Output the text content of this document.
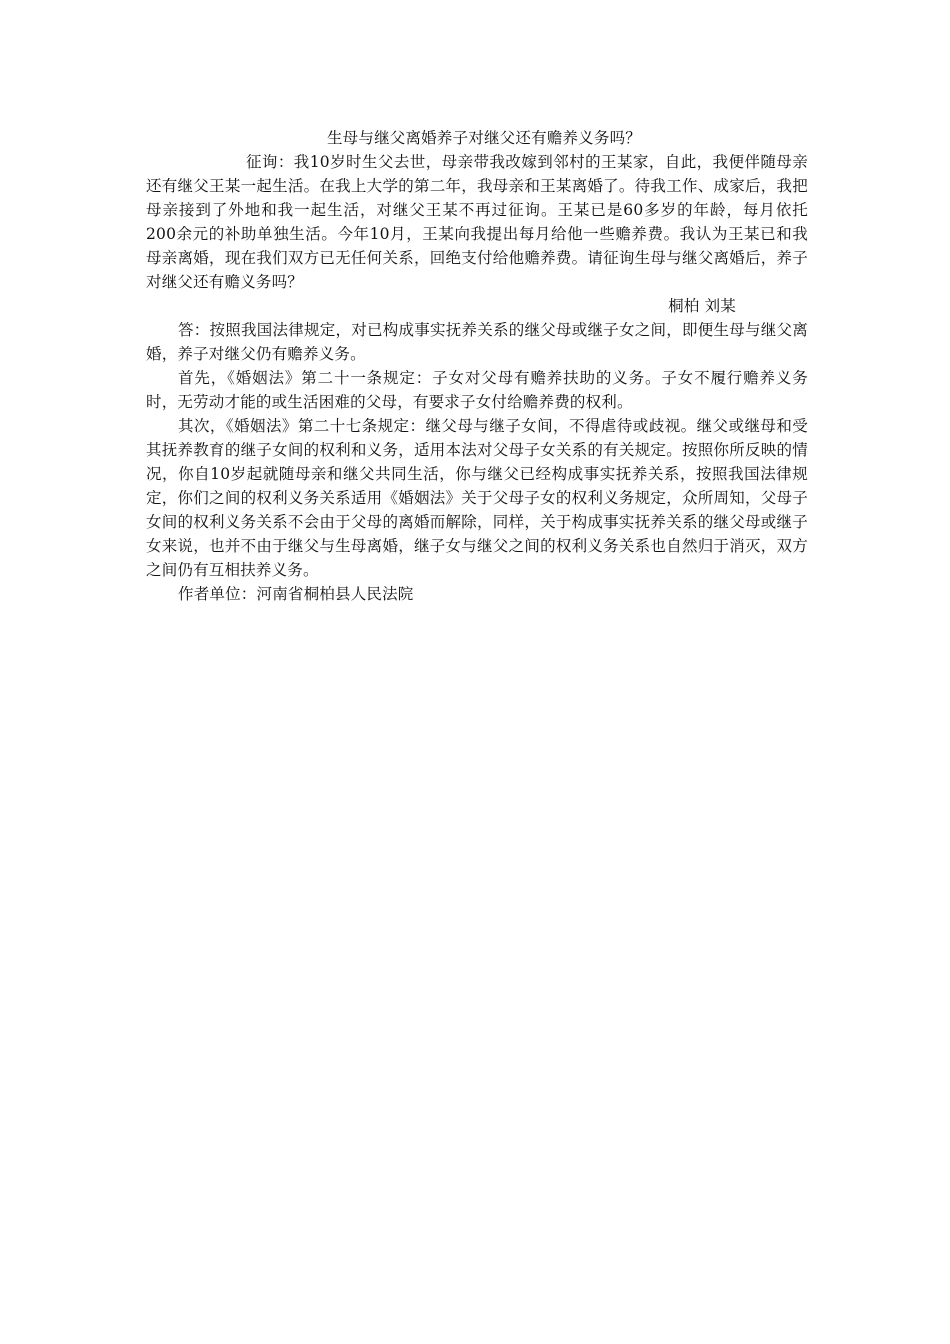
生母与继父离婚养子对继父还有赡养义务吗？

征询：我10岁时生父去世，母亲带我改嫁到邻村的王某家，自此，我便伴随母亲还有继父王某一起生活。在我上大学的第二年，我母亲和王某离婚了。待我工作、成家后，我把母亲接到了外地和我一起生活，对继父王某不再过征询。王某已是60多岁的年龄，每月依托200余元的补助单独生活。今年10月，王某向我提出每月给他一些赡养费。我认为王某已和我母亲离婚，现在我们双方已无任何关系，回绝支付给他赡养费。请征询生母与继父离婚后，养子对继父还有赡义务吗？

桐柏 刘某

答：按照我国法律规定，对已构成事实抚养关系的继父母或继子女之间，即便生母与继父离婚，养子对继父仍有赡养义务。

首先，《婚姻法》第二十一条规定：子女对父母有赡养扶助的义务。子女不履行赡养义务时，无劳动才能的或生活困难的父母，有要求子女付给赡养费的权利。

其次，《婚姻法》第二十七条规定：继父母与继子女间，不得虐待或歧视。继父或继母和受其抚养教育的继子女间的权利和义务，适用本法对父母子女关系的有关规定。按照你所反映的情况，你自10岁起就随母亲和继父共同生活，你与继父已经构成事实抚养关系，按照我国法律规定，你们之间的权利义务关系适用《婚姻法》关于父母子女的权利义务规定，众所周知，父母子女间的权利义务关系不会由于父母的离婚而解除，同样，关于构成事实抚养关系的继父母或继子女来说，也并不由于继父与生母离婚，继子女与继父之间的权利义务关系也自然归于消灭，双方之间仍有互相扶养义务。

作者单位：河南省桐柏县人民法院
